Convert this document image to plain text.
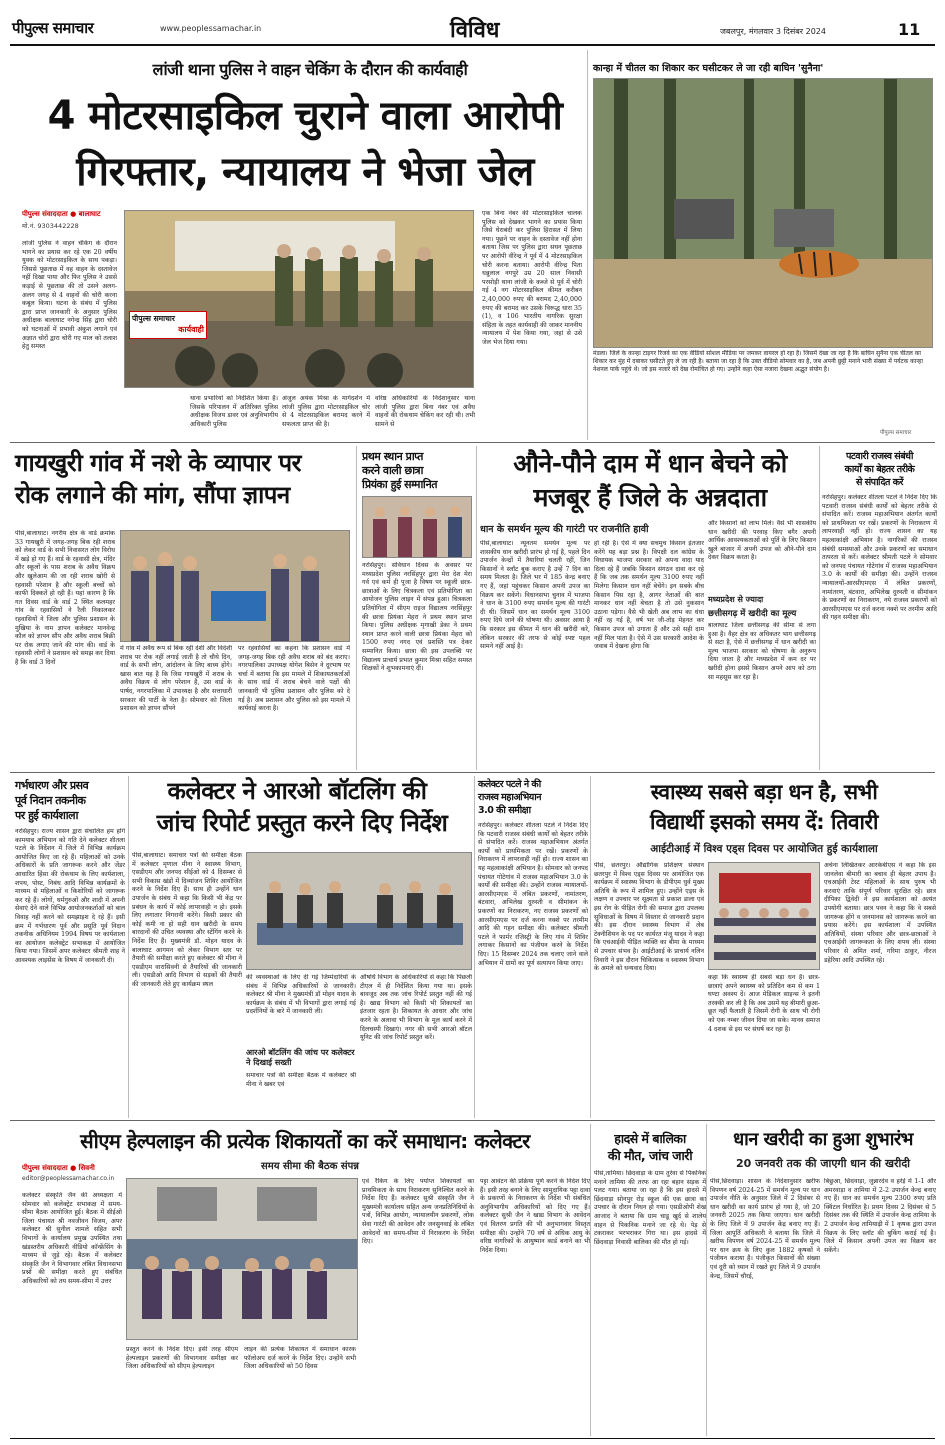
पीपुल्स समाचार	www.peoplessamachar.in	विविध	जबलपुर, मंगलवार 3 दिसंबर 2024	11
लांजी थाना पुलिस ने वाहन चेकिंग के दौरान की कार्यवाही
4 मोटरसाइकिल चुराने वाला आरोपी
गिरफ्तार, न्यायालय ने भेजा जेल
पीपुल्स संवाददाता ● बालाघाट
मो.नं. 9303442228
लांजी पुलिस ने वाहन चेकिंग के दौरान भागने का प्रयास कर रहे एक 20 वर्षीय युवक को मोटरसाइकिल के साथ पकड़ा। जिससे पूछताछ में वह वाहन के दस्तावेज नहीं दिखा पाया और फिर पुलिस ने उससे कड़ाई से पूछताछ की तो उसने अलग-अलग जगह से 4 वाहनों की चोरी करना कबूल किया। घटना के संबंध में पुलिस द्वारा प्राप्त जानकारी के अनुसार पुलिस अधीक्षक बालाघाट नगेन्द्र सिंह द्वारा चोरी को घटनाओं में प्रभावी अंकुश लगाने एवं अज्ञात चोरों द्वारा चोरी गए माल को तलाश हेतु समस्त
पीपुल्स समाचार
कार्यवाही
थाना प्रभारियों को निर्देशित किया है। जिसके परिपालन में अतिरिक्त पुलिस अधीक्षक विजय डावर एवं अनुविभागीय अधिकारी पुलिस
अंजुल अयंक मिश्रा के मार्गदर्शन में लांजी पुलिस द्वारा मोटरसाइकिल चोर से 4 मोटरसाइकिल बरामद करने में सफलता प्राप्त की है।
वरिष्ठ अधिकारियों के निर्देशानुसार थाना लांजी पुलिस द्वारा बिना नंबर एवं अवैध वाहनों की रोकथाम चेकिंग कर रही थी। तभी सामने से
एक बिना नंबर की मोटरसाइकिल चालक पुलिस को देखकर भागने का प्रयास किया जिसे घेराबंदी कर पुलिस हिरासत में लिया गया। पूछने पर वाहन के दस्तावेज नहीं होना बताया जिस पर पुलिस द्वारा सघन पूछताछ पर आरोपी वीरेन्द्र ने पूर्व में 4 मोटरसाइकिल चोरी करना बताया। आरोपी वीरेन्द्र पिता धन्नुलाल नगपुरे उम्र 20 साल निवासी परसोड़ी थाना लांजी के कब्जे से पूर्व में चोरी गई 4 नग मोटरसाइकिल कीमत करीबन 2,40,000 रुपए की बरामद 2,40,000 रुपए की बरामद कर उसके विरूद्ध धारा 35 (1), व 106 भारतीय नागरिक सुरक्षा संहिता के तहत कार्यवाही की जाकर माननीय न्यायालय में पेश किया गया, जहां से उसे जेल भेज दिया गया।
कान्हा में चीतल का शिकार कर घसीटकर ले जा रही बाघिन 'सुनैना'
मंडला। जिले के कान्हा टाइगर रिजर्व का एक वीडियो सोशल मीडिया पर जमकर वायरल हो रहा है। जिसमें देखा जा रहा है कि बाघिन सुनैना एक चीतल का शिकार कर मुंह में दबाकर घसीटते हुए ले जा रही है। बताया जा रहा है कि उक्त वीडियो सोमवार का है, जब अपनी छुट्टी मनाने भारी संख्या में पर्यटक कान्हा नेशनल पार्क पहुंचे थे। जो इस नजारे को देख रोमांचित हो गए। उन्होंने कहा ऐसा नजारा देखना अद्भुत संयोग है।
पीपुल्स समाचार
गायखुरी गांव में नशे के व्यापार पर
रोक लगाने की मांग, सौंपा ज्ञापन
पीसं,बालाघाट। नगरीय क्षेत्र के वार्ड क्रमांक 33 गायखुरी में जगह-जगह बिक रही शराब को लेकर वार्ड के सभी निवासरत लोग विरोध में खड़े हो गए हैं। वार्ड के रहवासी क्षेत्र, मंदिर और स्कूलों के पास शराब के अवैध विक्रय और खुलेआम की जा रही शराब खोरी से रहवासी परेशान है और स्कूली बच्चों को काफी दिक्कतें हो रही हैं। यहां कारण है कि गत दिवस वार्ड के वार्ड 2 स्थित कलमहर गांव के रहवासियों ने रैली निकालकर रहवासियों ने जिला और पुलिस प्रशासन के मुखिया के नाम ज्ञापन कलेक्टर मानवेन्द्र कौल को ज्ञापन सौंप और अवैध शराब बिक्री पर रोक लगाए जाने की मांग की। वार्ड के रहवासी लोगों ने प्रशासन को समझ कर दिया है कि वार्ड 3 दिनों
में गांव में अवैध रूप से बिक रही देशी और विदेशी शराब पर रोक नहीं लगाई जाती है तो चौथे दिन, वार्ड के सभी लोग, आंदोलन के लिए बाध्य होंगे। खास बात यह है कि जिस गायखुरी में शराब के अवैध विक्रय से लोग परेशान है, उस वार्ड के पार्षद, नगरपालिका में उपाध्यक्ष है और सत्ताधारी सरकार की पार्टी के नेता है। सोमवार को जिला प्रशासन को ज्ञापन सौंपने
पर रहवासियों का कहना कि प्रशासन वार्ड में जगह-जगह बिक रही अवैध शराब को बंद कराए। नगरपालिका उपाध्यक्ष योगेश बिसेन ने दूरभाष पर चर्चा में बताया कि इस मामले में शिकायतकर्ताओं के साथ वार्ड में शराब बेचने वाले पक्षों की जानकारी भी पुलिस प्रशासन और पुलिस को दे गई है। अब प्रशासन और पुलिस को इस मामले में कार्यवाई करना है।
प्रथम स्थान प्राप्त
करने वाली छात्रा
प्रियंका हुई सम्मानित
नरसिंहपुर। संविधान दिवस के अवसर पर मध्यप्रदेश पुलिस नरसिंहपुर द्वारा मेरा देश मेरा गर्व एवं कर्म ही पूजा है विषय पर स्कूली छात्र-छात्राओं के लिए चित्रकला एवं प्रतियोगिता का आयोजन पुलिस लाइन में संपन्न हुआ। चित्रकला प्रतियोगिता में सीएम राइज विद्यालय नरसिंहपुर की छात्रा प्रियंका मेहरा ने प्रथम स्थान प्राप्त किया। पुलिस अधीक्षक मृगाखी डेका ने प्रथम स्थान प्राप्त करने वाली छात्रा प्रियंका मेहरा को 1500 रुपए नगद एवं प्रशस्ति पत्र देकर सम्मानित किया। छात्रा की इस उपलब्धि पर विद्यालय प्राचार्य प्रभात कुमार मिश्रा सहित समस्त शिक्षकों ने शुभकामनाएं दीं।
औने-पौने दाम में धान बेचने को
मजबूर हैं जिले के अन्नदाता
धान के समर्थन मूल्य की गारंटी पर राजनीति हावी
पीसं,बालाघाट। न्यूनतम समर्थन मूल्य पर शासकीय धान खरीदी प्रारंभ हो गई है, पहले दिन उपार्जन केन्द्रों में तैयारियां चलती रहीं, जिन किसानों ने स्लॉट बुक कराए है उन्हें 7 दिन का समय मिलता है। जिले भर में 185 केन्द्र बनाए गए हैं, जहां पहुंचकर किसान अपनी उपज का विक्रय कर सकेंगे। विधानसभा चुनाव में भाजपा ने धान के 3100 रुपए समर्थन मूल्य की गारंटी दी थी। जिसमें धान का समर्थन मूल्य 3100 रुपए दिये जाने की घोषणा थी। अवसर आया है कि सरकार इस कीमत में धान की खरीदी करे, लेकिन सरकार की तरफ से कोई स्पष्ट पहल सामने नहीं आई है।
हो रही है। ऐसे में क्या सचमुच किसान इंतजार करेंगे यह बड़ा प्रश्न है। विपक्षी दल कांग्रेस के विधायक भाजपा सरकार को अपना वादा याद दिला रहे हैं जबकि किसान संगठन दावा कर रहे हैं कि जब तक समर्थन मूल्य 3100 रुपए नहीं मिलेगा किसान धान नहीं बेचेंगे। इन सबके बीच किसान पिस रहा है, आगर नेताओं की बात मानकर धान नहीं बेचता है तो उसे नुकसान उठाना पड़ेगा। वैसे भी खेती अब लाभ का धंधा नहीं रह गई है, वर्ष भर जी-तोड़ मेहनत कर किसान उपज को उगाता है और उसे सही दाम नहीं मिल पाता है। ऐसे में उस सरकारी आदेश के जवाब में देखना होगा कि
और किसानों को लाभ मिले। वैसे भी शासकीय धान खरीदी की परवाह किए बगैर अपनी आर्थिक आवश्यकताओं को पूर्ति के लिए किसान खुले बाजार में अपनी उपज को औने-पौने दाम देकर विक्रय करता है।
मध्यप्रदेश से ज्यादा
छत्तीसगढ़ में खरीदी का मूल्य
बालाघाट जिला छत्तीसगढ़ की सीमा से लगा हुआ है। वैहर क्षेत्र का अधिकतर भाग छत्तीसगढ़ से सटा है, ऐसे में छत्तीसगढ़ में धान खरीदी का मूल्य भाजपा सरकार को घोषणा के अनुरूप दिया जाता है और मध्यप्रदेश में कम दर पर खरीदी होना इससे किसान अपने आप को ठगा सा महसूस कर रहा है।
पटवारी राजस्व संबंधी
कार्यों का बेहतर तरीके
से संपादित करें
नरसिंहपुर। कलेक्टर शीतला पटले ने निर्देश दिए कि पटवारी राजस्व संबंधी कार्यों को बेहतर तरीके से संपादित करें। राजस्व महाअभियान अंतर्गत कार्यों को प्राथमिकता पर रखें। प्रकरणों के निराकरण में लापरवाही नहीं हो। राज्य शासन का यह महत्वाकांक्षी अभियान है। नागरिकों की राजस्व संबंधी समस्याओं और उनके प्रकरणों का समाधान तत्परता से करें। कलेक्टर श्रीमती पटले ने सोमवार को जनपद पंचायत गोटेगांव में राजस्व महाअभियान 3.0 के कार्यों की समीक्षा की। उन्होंने राजस्व न्यायालयों-आरसीएमएस में लंबित प्रकरणों, नामांतरण, बंटवारा, अभिलेख दुरुस्ती व सीमांकन के प्रकरणों का निराकरण, नये राजस्व प्रकरणों को आरसीएमएस पर दर्ज करना नक्शे पर तरमीम आदि की गहन समीक्षा की।
गर्भधारण और प्रसव
पूर्व निदान तकनीक
पर हुई कार्यशाला
नरसिंहपुर। राज्य शासन द्वारा संचालित हम होंगे कामयाब अभियान को गति देने कलेक्टर शीतला पटले के निर्देशन में जिले में विभिन्न कार्यक्रम आयोजित किए जा रहे हैं। महिलाओं को उनके अधिकारों के प्रति जागरूक करने और जेंडर आधारित हिंसा की रोकथाम के लिए कार्यशाला, शपथ, पोस्ट, निबंध आदि विभिन्न कार्यक्रमों के माध्यम से महिलाओं व किशोरियों को जागरूक कर रहे हैं। लोगों, धर्मगुरुओं और शादी में अपनी सेवाएं देने वाले विभिन्न आयोजनकर्ताओं को बाल विवाह नहीं करने को समझाइश दे रहे हैं। इसी क्रम में गर्भधारण पूर्व और प्रसूति पूर्व निदान तकनीक अधिनियम 1994 विषय पर कार्यशाला का आयोजन कलेक्ट्रेट सभाकक्ष में आयोजित किया गया। जिसमें अपर कलेक्टर श्रीमती शाह ने आवश्यक लाइसेंस के विषय में जानकारी दी।
कलेक्टर ने आरओ बॉटलिंग की
जांच रिपोर्ट प्रस्तुत करने दिए निर्देश
पीसं,बालाघाट। समाचार पत्रों की समीक्षा बैठक में कलेक्टर मृणाल मीना ने स्वास्थ्य विभाग, एसडीएम और जनपद सीईओ को 4 दिसम्बर से सभी विकास खंडों में दिव्यांजन शिविर आयोजित करने के निर्देश दिए हैं। साथ ही उन्होंने धान उपार्जन के संबंध में कहा कि किसी भी केंद्र पर प्रबंधन के कार्य में कोई लापरवाही न हो। इसके लिए लगातार निगरानी करेंगे। किसी प्रकार की कोई कमी ना हो सही धान खरीदी के समय बारदानों की उचित व्यवस्था और स्टेंगिंग करने के निर्देश दिए हैं। मुख्यमंत्री डॉ. मोहन यादव के बालाघाट आगमन को लेकर विभाग स्तर पर तैयारी की समीक्षा करते हुए कलेक्टर श्री मीना ने एसडीएम वारासिवनी से तैयारियों की जानकारी ली। एसडीओ आदि विभाग से सड़कों की तैयारी की जानकारी लेते हुए कार्यक्रम स्थल
की व्यवस्थाओं के लिए दी गई जिम्मेदारियों के संबंध में विभिन्न अधिकारियों से जानकारी। कलेक्टर श्री मीना ने मुख्यमंत्री डॉ मोहन यादव के कार्यक्रम के संबंध में भी विभागों द्वारा लगाई गई प्रदर्शनियों के बारे में जानकारी ली।
आरओ बॉटलिंग की जांच पर कलेक्टर ने दिखाई सख्ती
समाचार पत्रों की समीक्षा बैठक में कलेक्टर श्री मीना ने खबर एवं
औषधि विभाग के अधिकारियों से कहा कि पिछली टीएल में ही निर्देशित किया गया था। इसके बावजूद अब तक जांच रिपोर्ट प्रस्तुत नहीं की गई है। खाद्य विभाग को किसी भी शिकायतों का इंतजार रहता है। शिकायत के आधार और जांच करने के अलावा भी विभाग के मूल कार्य करने में दिलचस्पी दिखाएं। नगर की सभी आरओ बॉटल यूनिट की जांच रिपोर्ट प्रस्तुत करें।
कलेक्टर पटले ने की
राजस्व महाअभियान
3.0 की समीक्षा
नरसिंहपुर। कलेक्टर शीतला पटले ने निर्देश दिए कि पटवारी राजस्व संबंधी कार्यों को बेहतर तरीके से संपादित करें। राजस्व महाअभियान अंतर्गत कार्यों को प्राथमिकता पर रखें। प्रकरणों के निराकरण में लापरवाही नहीं हो। राज्य शासन का यह महत्वाकांक्षी अभियान है। सोमवार को जनपद पंचायत गोटेगांव में राजस्व महाअभियान 3.0 के कार्यों की समीक्षा की। उन्होंने राजस्व न्यायालयों-आरसीएमएस में लंबित प्रकरणों, नामांतरण, बंटवारा, अभिलेख दुरुस्ती व सीमांकन के प्रकरणों का निराकरण, नए राजस्व प्रकरणों को आरसीएमएस पर दर्ज करना नक्शे पर तरमीम आदि की गहन समीक्षा की। कलेक्टर श्रीमती पटले ने फार्मर रजिस्ट्री के लिए गांव में शिविर लगाकर किसानों का पंजीयन करने के निर्देश दिए। 15 दिसम्बर 2024 तक चलाए जाने वाले अभियान में ग्रामों का पूर्ण सत्यापन किया जाए।
स्वास्थ्य सबसे बड़ा धन है, सभी
विद्यार्थी इसको समय दें: तिवारी
आईटीआई में विश्व एड्स दिवस पर आयोजित हुई कार्यशाला
पीसं, छतरपुर। औद्योगिक प्रशिक्षण संस्थान छतरपुर में विश्व एड्स दिवस पर आयोजित एक कार्यक्रम में स्वास्थ्य विभाग के डीपीएम धुर्व मुख्य अतिथि के रूप में शामिल हुए। उन्होंने एड्स के लक्षण व उपचार पर सूक्ष्मता से प्रकाश डाला एवं इस रोग के पीड़ित रोगी की समाज द्वारा उपलब्ध सुविधाओं के विषय में विस्तार से जानकारी प्रदान की। इस दौरान स्वास्थ्य विभाग में लेब टेक्नीशियन के पद पर कार्यरत मंजू यादव ने कहा कि एचआईवी पीड़ित व्यक्ति का बीमा के माध्यम से उपचार संभव है। आईटीआई के प्राचार्य नलिन तिवारी ने इस दौरान चिकित्सक व स्वास्थ्य विभाग के अमले को धन्यवाद दिया।
कहा कि स्वास्थ्य ही सबसे बड़ा धन है। छात्र-छात्राएं अपने स्वास्थ्य को प्रतिदिन कम से कम 1 घण्टा अवश्य दें। आज मेडिकल साइन्स ने इतनी तरक्की कर ली है कि अब उसमें यह बीमारी छुआ-छूत नहीं फैलाती है जिसमें रोगी के साथ भी रोगी को एक नम्बर जीवन दिया जा सके। मानव समाज 4 दशक से इस पर संघर्ष कर रहा है।
अर्चना लिखितकर आरकेबीएस ने कहा कि इस जानलेवा बीमारी का बचाव ही बेहतर उपाय है। एचआईवी टेस्ट महिलाओं के साथ पुरुष भी करवाएं ताकि संपूर्ण परिवार सुरक्षित रहे। छात्र दीपिका द्विवेदी ने इस कार्यशाला को अत्यंत उपयोगी बताया। छात्र पवन ने कहा कि वे सबसे जागरूक होंगे व जनमानस को जागरूक करने का प्रयास करेंगे। इस कार्यशाला में उपस्थित अतिथियों, संस्था परिवार और छात्र-छात्राओं ने एचआईवी जागरूकता के लिए शपथ ली। संस्था परिवार से अमित शर्मा, गरिमा ठाकुर, नीरज डहेरिया आदि उपस्थित रहे।
सीएम हेल्पलाइन की प्रत्येक शिकायतों का करें समाधान: कलेक्टर
समय सीमा की बैठक संपन्न
पीपुल्स संवाददाता ● सिवनी
editor@peoplessamachar.co.in
कलेक्टर संस्कृति जैन की अध्यक्षता में सोमवार को कलेक्ट्रेट सभाकक्ष में समय-सीमा बैठक आयोजित हुई। बैठक में सीईओ जिला पंचायत श्री नवजीवन विजय, अपर कलेक्टर श्री सुनील शामले सहित सभी विभागों के कार्यालय प्रमुख उपस्थित तथा खंडस्तरीय अधिकारी वीडियो कॉन्फ्रेंसिंग के माध्यम से जुड़े रहे। बैठक में कलेक्टर संस्कृति जैन ने विभागवार लंबित विधानसभा प्रश्नों की समीक्षा करते हुए संबंधित अधिकारियों को तय समय-सीमा में उत्तर
प्रस्तुत करने के निर्देश दिए। इसी तरह सीएम हेल्पलाइन प्रकरणों की विभागवार समीक्षा कर जिला अधिकारियों को सीएम हेल्पलाइन
लाइन की प्रत्येक शिकायत में समाधान कारक फॉलोअप दर्ज करने के निर्देश दिए। उन्होंने सभी जिला अधिकारियों को 50 दिवस
एवं रैंकिंग के लिए पर्याप्त शिकायतों का प्राथमिकता के साथ निराकरण सुनिश्चित करने के निर्देश दिए हैं। कलेक्टर सुश्री संस्कृति जैन ने मुख्यमंत्री कार्यालय सहित अन्य जनप्रतिनिधियों के पत्रों, विभिन्न आयोग, न्यायालयीन प्रकरणों, लोक सेवा गारंटी की आवेदन और जनसुनवाई के लंबित आवेदनों का समय-सीमा में निराकरण के निर्देश दिए।
पट्टा आवंटन की प्रक्रिया पूर्ण करने के निर्देश दिए हैं। इसी तरह बनाने के लिए सामुदायिक पट्टा दावा के प्रकरणों के निराकरण के निर्देश भी संबंधित अनुविभागीय अधिकारियों को दिए गए हैं। कलेक्टर सुश्री जैन ने खाद्य विभाग के आवेदन एवं वितरण प्रगति की भी अनुभागवार विस्तृत समीक्षा की। उन्होंने 70 वर्ष से अधिक आयु के वरिष्ठ नागरिकों के आयुष्मान कार्ड बनाने का भी निर्देश दिया।
हादसे में बालिका
की मौत, जांच जारी
पीसं,तामिया। छिंदवाड़ा के ग्राम तुरेवा से पिकनिक मनाने तामिया की तरफ आ रहा बहान सड़क में पलट गया। बताया जा रहा है कि इस हादसे में छिंदवाड़ा सोनपुर रोड़ स्कूल की एक छात्रा का उपचार के दौरान निधन हो गया। एसडीओपी शेख आजाद ने बताया कि ग्राम चाडू खुर्द से शालेय वाहन से पिकनिक मनाने जा रहे थे। पेड़ से टकराकर भरभराकर गिरा था। इस हादसे में छिंदवाड़ा निवासी बालिका की मौत हो गई।
धान खरीदी का हुआ शुभारंभ
20 जनवरी तक की जाएगी धान की खरीदी
पीसं,छिंदवाड़ा। शासन के निर्देशानुसार खरीफ विपणन वर्ष 2024-25 में समर्थन मूल्य पर धान उपार्जन नीति के अनुसार जिले में 2 दिसंबर से धान खरीदी का कार्य प्रारंभ हो गया है, जो 20 जनवरी 2025 तक किया जाएगा। धान खरीदी के लिए जिले में 9 उपार्जन केंद्र बनाए गए हैं। जिला आपूर्ति अधिकारी ने बताया कि जिले में खरीफ विपणन वर्ष 2024-25 में समर्थन मूल्य पर धान क्रय के लिए कुल 1882 कृषकों ने पंजीयन कराया है। पंजीकृत किसानों की संख्या एवं दूरी को ध्यान में रखते हुए जिले में 9 उपार्जन केन्द्र, जिसमें चौरई,
बिछुआ, छिंदवाड़ा, जुन्नारदेव व हर्रई में 1-1 और अमरवाड़ा व तामिया में 2-2 उपार्जन केन्द्र बनाए गए हैं। धान का समर्थन मूल्य 2300 रुपए प्रति क्विंटल निर्धारित है। प्रथम दिवस 2 दिसंबर से 5 दिसंबर तक की स्थिति में उपार्जन केन्द्र तामिया के 2 उपार्जन केन्द्र तामियाढ़ी में 1 कृषक द्वारा उपज विक्रय के लिए स्लॉट की बुकिंग कराई गई है। जिले में किसान अपनी उपज का विक्रय कर सकेंगे।
